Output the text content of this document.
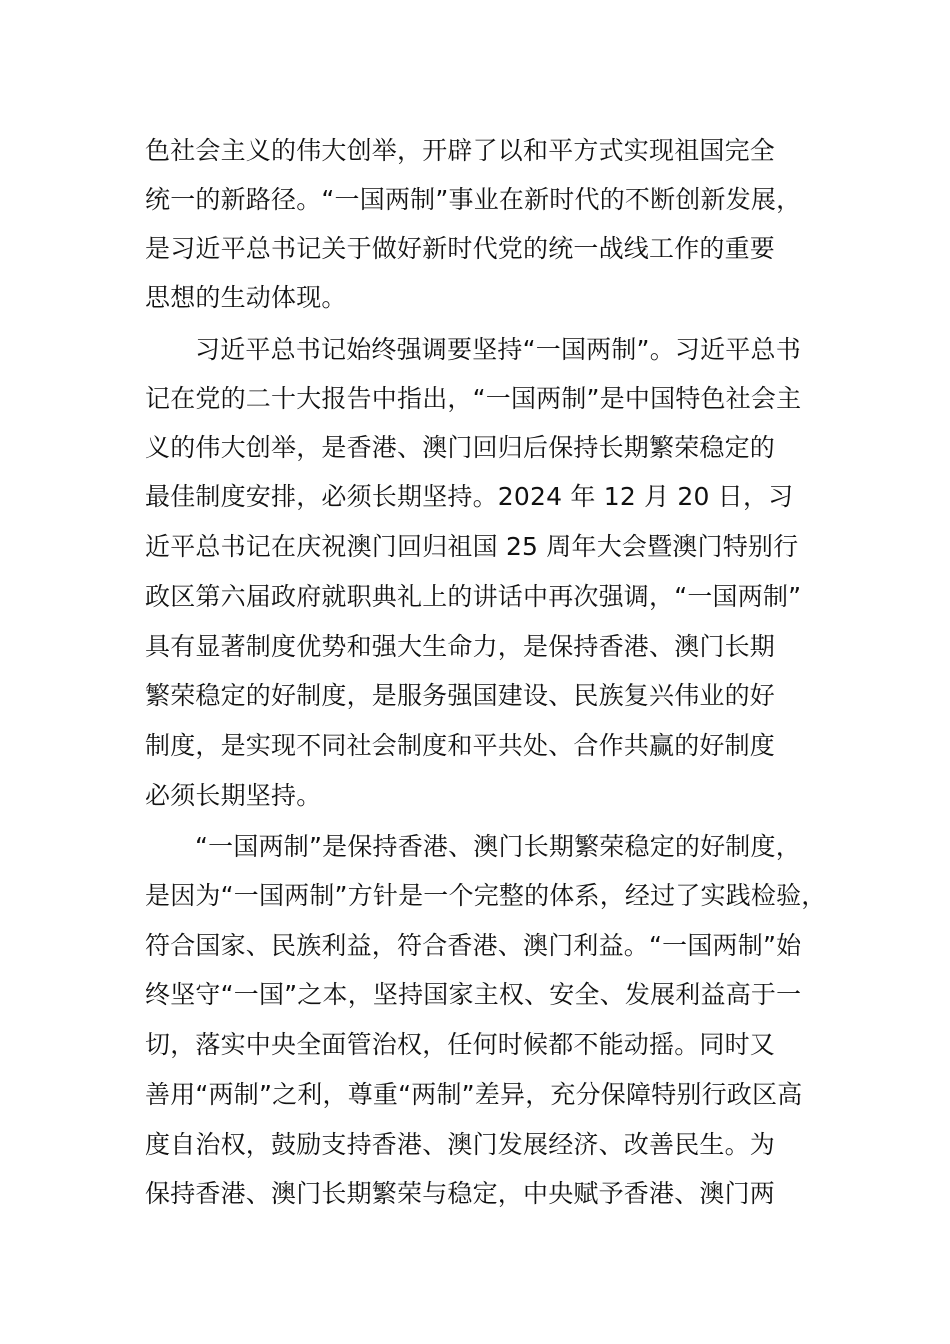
色社会主义的伟大创举，开辟了以和平方式实现祖国完全

统一的新路径。“一国两制”事业在新时代的不断创新发展，

是习近平总书记关于做好新时代党的统一战线工作的重要

思想的生动体现。

习近平总书记始终强调要坚持“一国两制”。习近平总书

记在党的二十大报告中指出，“一国两制”是中国特色社会主

义的伟大创举，是香港、澳门回归后保持长期繁荣稳定的

最佳制度安排，必须长期坚持。2024 年 12 月 20 日，习

近平总书记在庆祝澳门回归祖国 25 周年大会暨澳门特别行

政区第六届政府就职典礼上的讲话中再次强调，“一国两制”

具有显著制度优势和强大生命力，是保持香港、澳门长期

繁荣稳定的好制度，是服务强国建设、民族复兴伟业的好

制度，是实现不同社会制度和平共处、合作共赢的好制度

必须长期坚持。

“一国两制”是保持香港、澳门长期繁荣稳定的好制度，

是因为“一国两制”方针是一个完整的体系，经过了实践检验，

符合国家、民族利益，符合香港、澳门利益。“一国两制”始

终坚守“一国”之本，坚持国家主权、安全、发展利益高于一

切，落实中央全面管治权，任何时候都不能动摇。同时又

善用“两制”之利，尊重“两制”差异，充分保障特别行政区高

度自治权，鼓励支持香港、澳门发展经济、改善民生。为

保持香港、澳门长期繁荣与稳定，中央赋予香港、澳门两
